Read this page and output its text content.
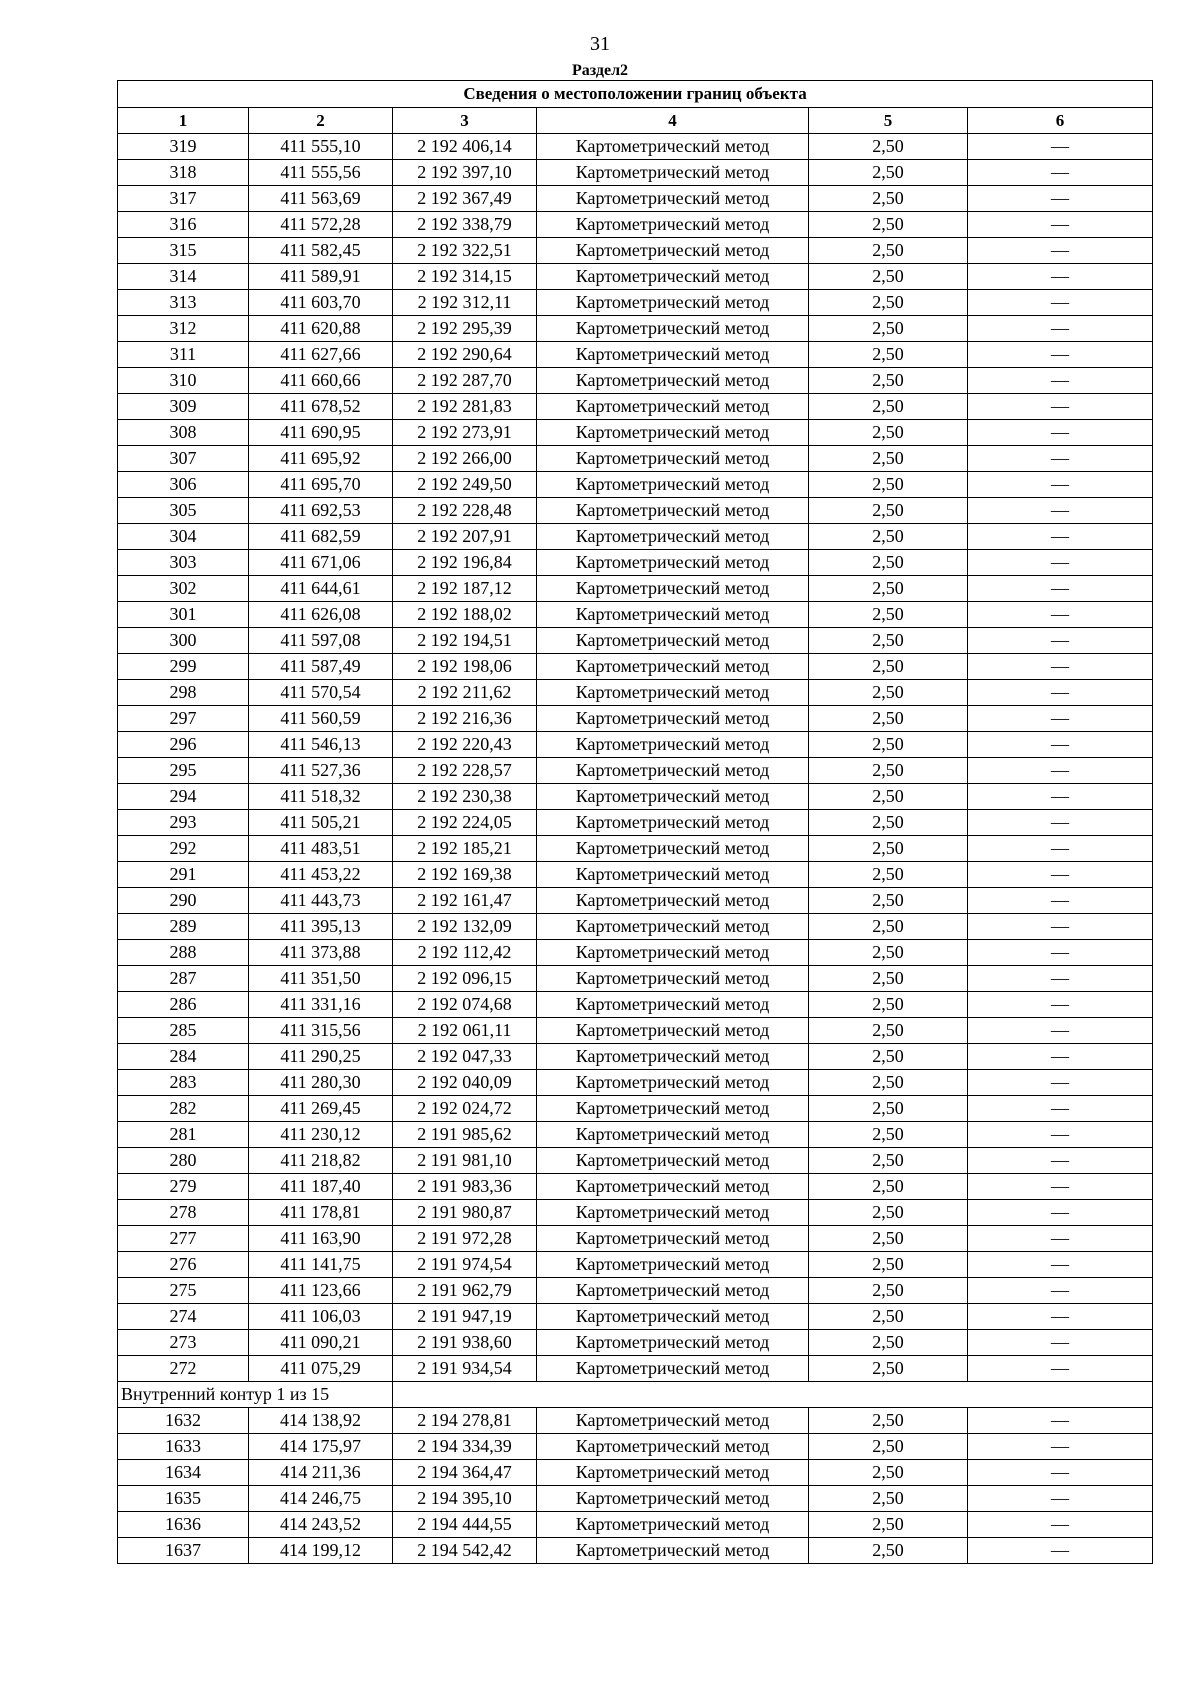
31
Раздел2
Сведения о местоположении границ объекта					
1	2	3	4	5	6
319	411 555,10	2 192 406,14	Картометрический метод	2,50	—
318	411 555,56	2 192 397,10	Картометрический метод	2,50	—
317	411 563,69	2 192 367,49	Картометрический метод	2,50	—
316	411 572,28	2 192 338,79	Картометрический метод	2,50	—
315	411 582,45	2 192 322,51	Картометрический метод	2,50	—
314	411 589,91	2 192 314,15	Картометрический метод	2,50	—
313	411 603,70	2 192 312,11	Картометрический метод	2,50	—
312	411 620,88	2 192 295,39	Картометрический метод	2,50	—
311	411 627,66	2 192 290,64	Картометрический метод	2,50	—
310	411 660,66	2 192 287,70	Картометрический метод	2,50	—
309	411 678,52	2 192 281,83	Картометрический метод	2,50	—
308	411 690,95	2 192 273,91	Картометрический метод	2,50	—
307	411 695,92	2 192 266,00	Картометрический метод	2,50	—
306	411 695,70	2 192 249,50	Картометрический метод	2,50	—
305	411 692,53	2 192 228,48	Картометрический метод	2,50	—
304	411 682,59	2 192 207,91	Картометрический метод	2,50	—
303	411 671,06	2 192 196,84	Картометрический метод	2,50	—
302	411 644,61	2 192 187,12	Картометрический метод	2,50	—
301	411 626,08	2 192 188,02	Картометрический метод	2,50	—
300	411 597,08	2 192 194,51	Картометрический метод	2,50	—
299	411 587,49	2 192 198,06	Картометрический метод	2,50	—
298	411 570,54	2 192 211,62	Картометрический метод	2,50	—
297	411 560,59	2 192 216,36	Картометрический метод	2,50	—
296	411 546,13	2 192 220,43	Картометрический метод	2,50	—
295	411 527,36	2 192 228,57	Картометрический метод	2,50	—
294	411 518,32	2 192 230,38	Картометрический метод	2,50	—
293	411 505,21	2 192 224,05	Картометрический метод	2,50	—
292	411 483,51	2 192 185,21	Картометрический метод	2,50	—
291	411 453,22	2 192 169,38	Картометрический метод	2,50	—
290	411 443,73	2 192 161,47	Картометрический метод	2,50	—
289	411 395,13	2 192 132,09	Картометрический метод	2,50	—
288	411 373,88	2 192 112,42	Картометрический метод	2,50	—
287	411 351,50	2 192 096,15	Картометрический метод	2,50	—
286	411 331,16	2 192 074,68	Картометрический метод	2,50	—
285	411 315,56	2 192 061,11	Картометрический метод	2,50	—
284	411 290,25	2 192 047,33	Картометрический метод	2,50	—
283	411 280,30	2 192 040,09	Картометрический метод	2,50	—
282	411 269,45	2 192 024,72	Картометрический метод	2,50	—
281	411 230,12	2 191 985,62	Картометрический метод	2,50	—
280	411 218,82	2 191 981,10	Картометрический метод	2,50	—
279	411 187,40	2 191 983,36	Картометрический метод	2,50	—
278	411 178,81	2 191 980,87	Картометрический метод	2,50	—
277	411 163,90	2 191 972,28	Картометрический метод	2,50	—
276	411 141,75	2 191 974,54	Картометрический метод	2,50	—
275	411 123,66	2 191 962,79	Картометрический метод	2,50	—
274	411 106,03	2 191 947,19	Картометрический метод	2,50	—
273	411 090,21	2 191 938,60	Картометрический метод	2,50	—
272	411 075,29	2 191 934,54	Картометрический метод	2,50	—
Внутренний контур 1 из 15					
1632	414 138,92	2 194 278,81	Картометрический метод	2,50	—
1633	414 175,97	2 194 334,39	Картометрический метод	2,50	—
1634	414 211,36	2 194 364,47	Картометрический метод	2,50	—
1635	414 246,75	2 194 395,10	Картометрический метод	2,50	—
1636	414 243,52	2 194 444,55	Картометрический метод	2,50	—
1637	414 199,12	2 194 542,42	Картометрический метод	2,50	—
